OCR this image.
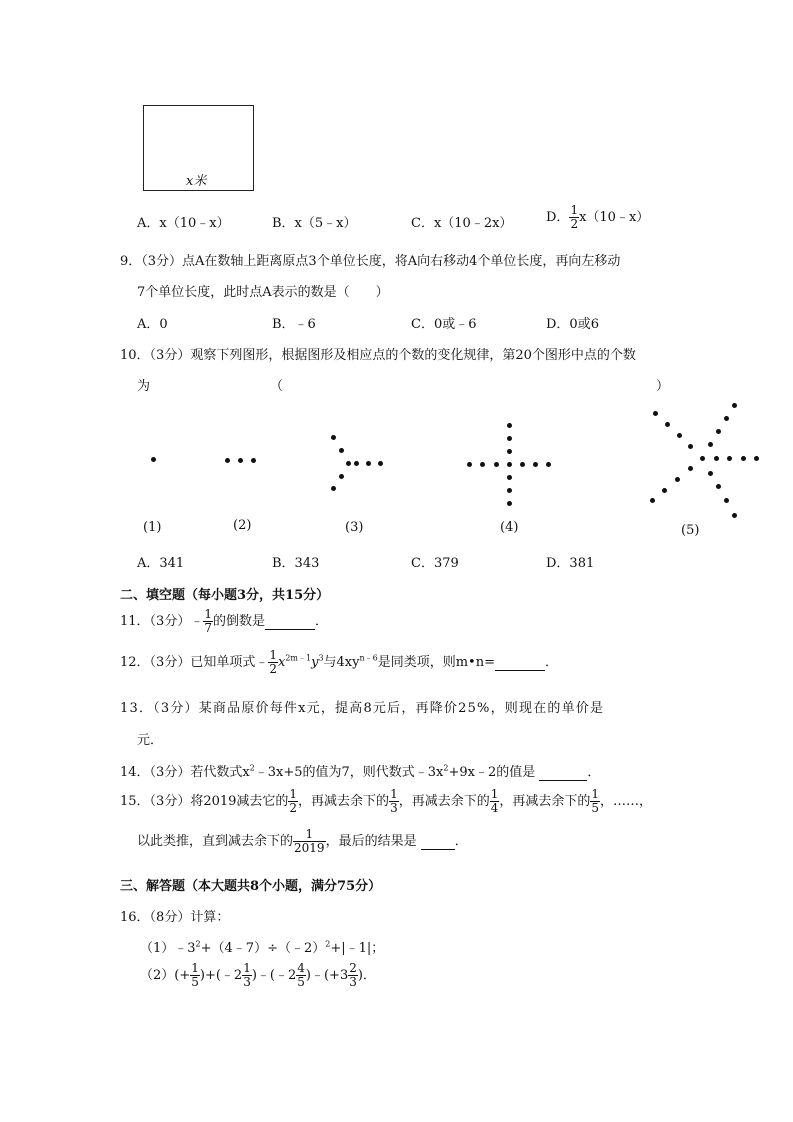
x米
A．x（10﹣x）	B．x（5﹣x）	C．x（10﹣2x）	D． $\frac{1}{2}$ x（10﹣x）
9．（3分）点A在数轴上距离原点3个单位长度，将A向右移动4个单位长度，再向左移动
7个单位长度，此时点A表示的数是（　　）
A．0	B．﹣6	C．0或﹣6	D．0或6
10．（3分）观察下列图形，根据图形及相应点的个数的变化规律，第20个图形中点的个数
为	（	）
(1)	(2)	(3)	(4)	(5)
A．341	B．343	C．379	D．381
二、填空题（每小题3分，共15分）
11．（3分）﹣ $\frac{1}{7}$ 的倒数是	．
12．（3分）已知单项式﹣ $\frac{1}{2} x^{2m﹣1}y^3$与$4xy^{n﹣6}$是同类项，则m•n=	．
13．（3分）某商品原价每件x元，提高8元后，再降价25%，则现在的单价是
元．
14．（3分）若代数式$x^2﹣3x+5$的值为7，则代数式$﹣3x^2+9x﹣2$的值是	．
15．（3分）将2019减去它的 $\frac{1}{2}$ ，再减去余下的 $\frac{1}{3}$ ，再减去余下的 $\frac{1}{4}$ ，再减去余下的 $\frac{1}{5}$ ，……，
以此类推，直到减去余下的 $\frac{1}{2019}$ ，最后的结果是	．
三、解答题（本大题共8个小题，满分75分）
16．（8分）计算：
$(1)﹣3^2+(4﹣7)\div(﹣2)^2+|﹣1|$；
$(2)(+ \frac{1}{5}$ )+(﹣2 $\frac{1}{3}$ )﹣(﹣2 $\frac{4}{5}$ )﹣(+3 $\frac{2}{3}$ )．
